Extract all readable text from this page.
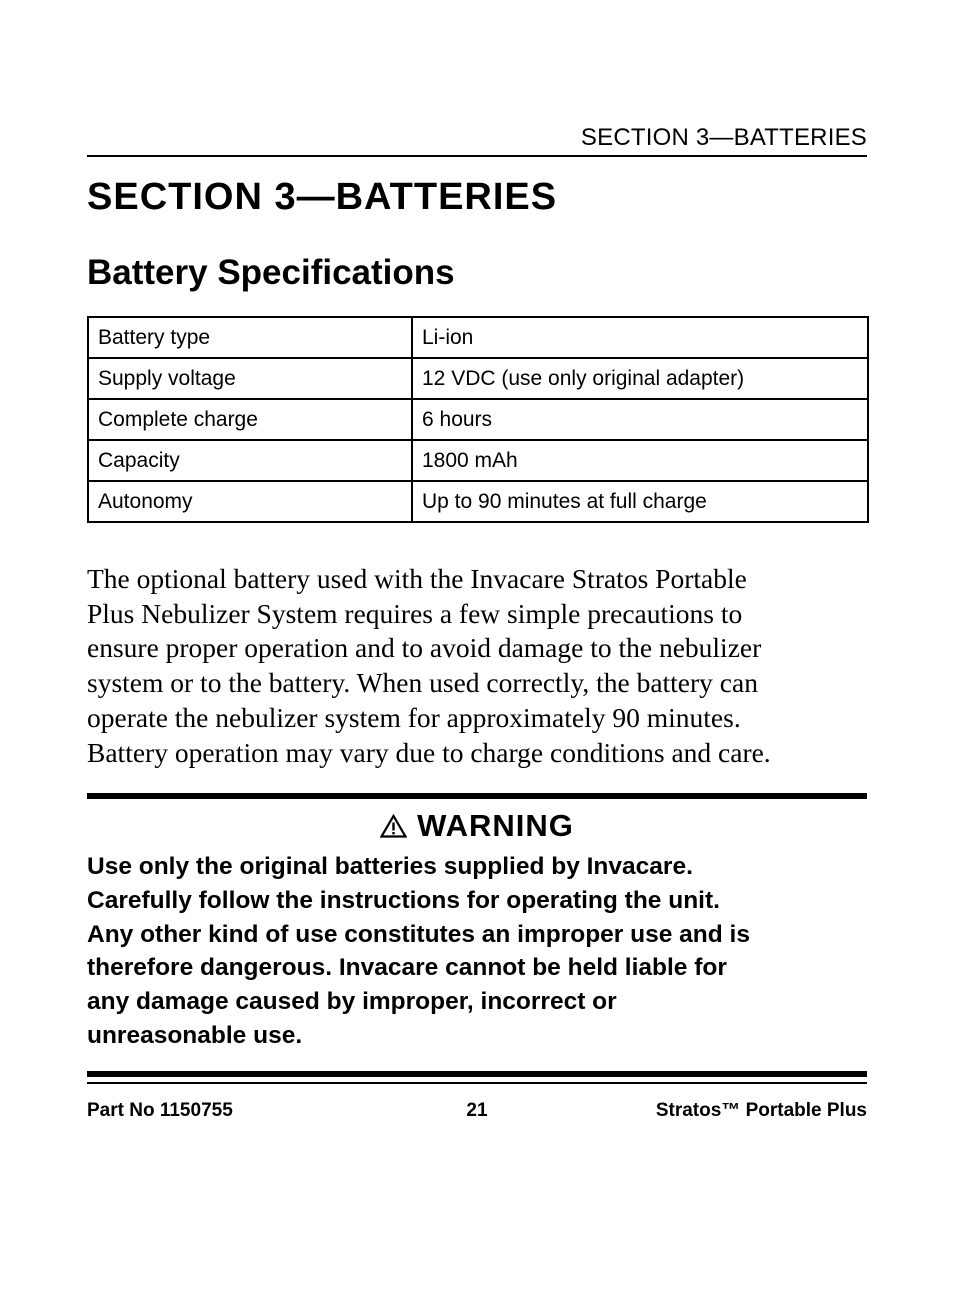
SECTION 3—BATTERIES
SECTION 3—BATTERIES
Battery Specifications
Battery type	Li-ion
Supply voltage	12 VDC (use only original adapter)
Complete charge	6 hours
Capacity	1800 mAh
Autonomy	Up to 90 minutes at full charge

The optional battery used with the Invacare Stratos Portable
Plus Nebulizer System requires a few simple precautions to
ensure proper operation and to avoid damage to the nebulizer
system or to the battery. When used correctly, the battery can
operate the nebulizer system for approximately 90 minutes.
Battery operation may vary due to charge conditions and care.

WARNING

Use only the original batteries supplied by Invacare.
Carefully follow the instructions for operating the unit.
Any other kind of use constitutes an improper use and is
therefore dangerous. Invacare cannot be held liable for
any damage caused by improper, incorrect or
unreasonable use.

Part No 1150755	21	Stratos™ Portable Plus
